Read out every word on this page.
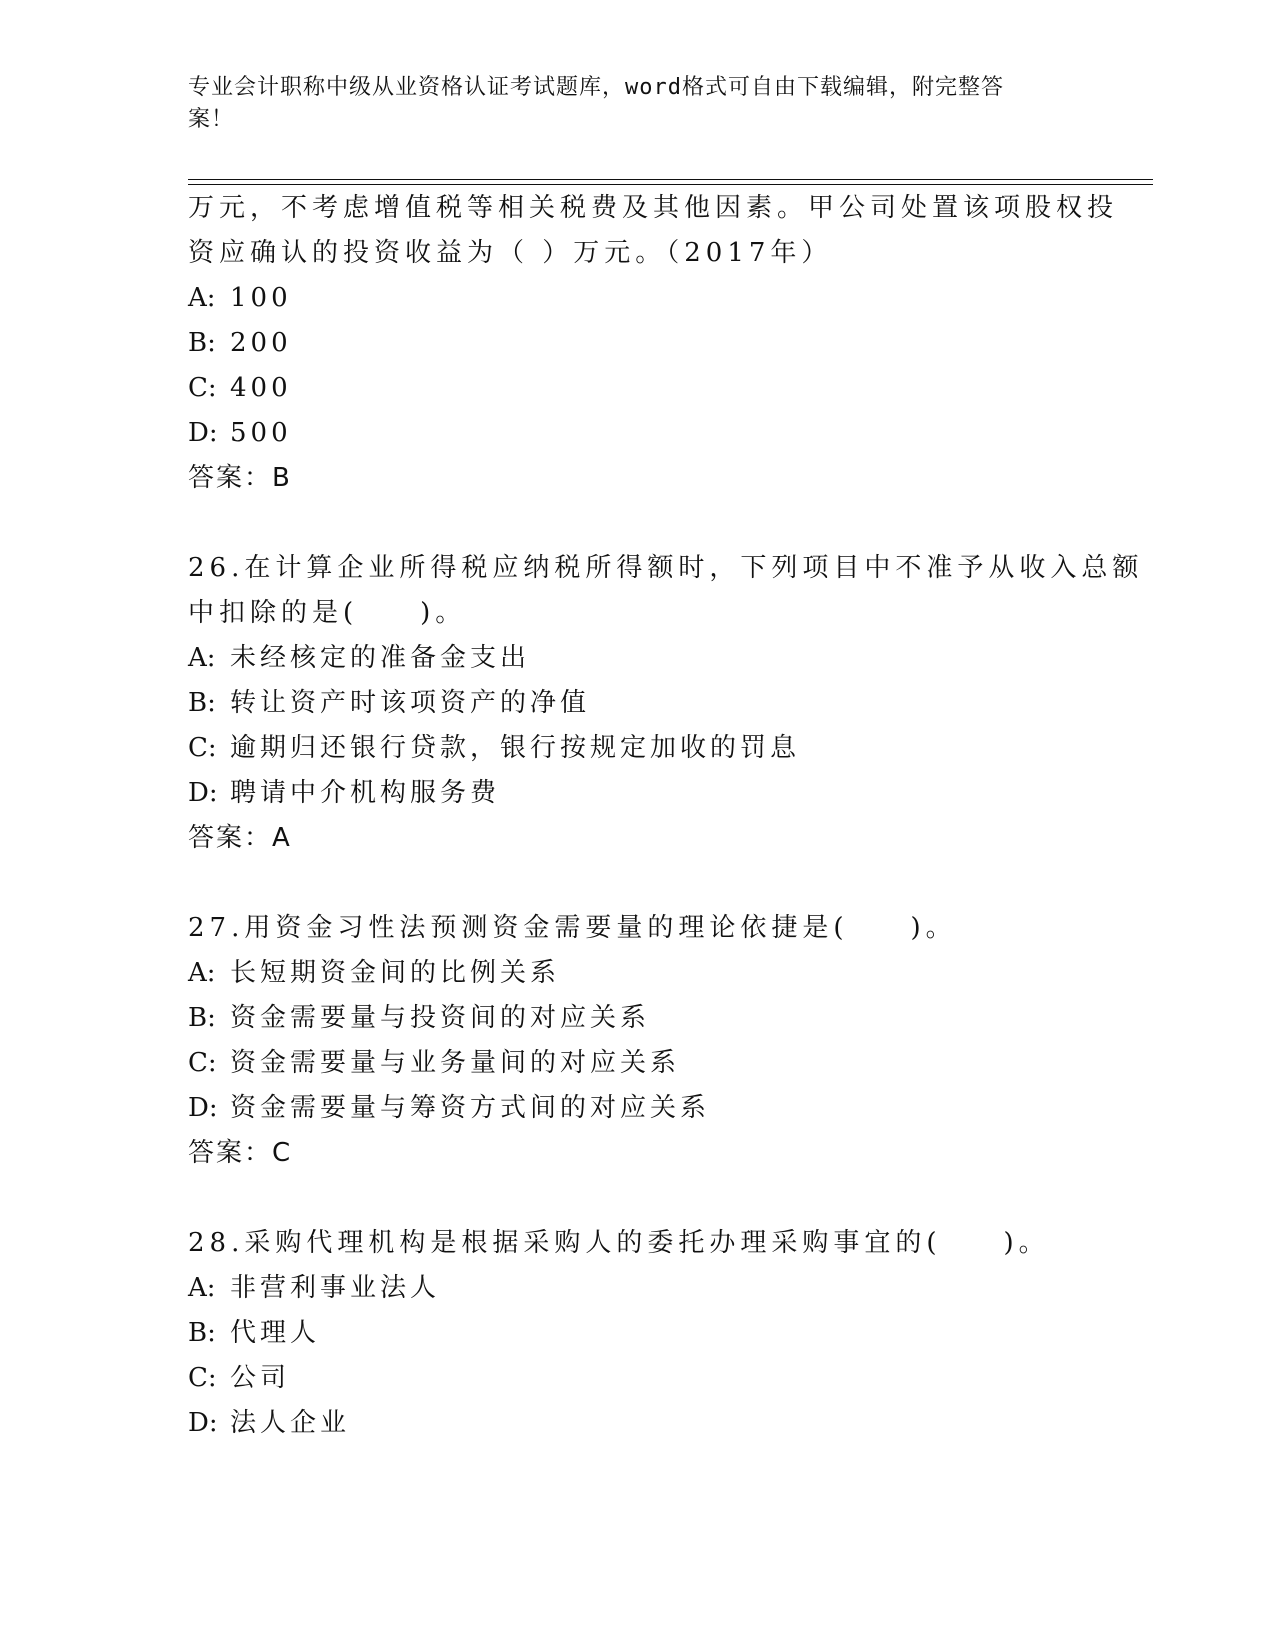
专业会计职称中级从业资格认证考试题库，word格式可自由下载编辑，附完整答
案！
万元，不考虑增值税等相关税费及其他因素。甲公司处置该项股权投
资应确认的投资收益为（ ）万元。（2017年）
A: 100
B: 200
C: 400
D: 500
答案：B
26.在计算企业所得税应纳税所得额时，下列项目中不准予从收入总额
中扣除的是(　　)。
A: 未经核定的准备金支出
B: 转让资产时该项资产的净值
C: 逾期归还银行贷款，银行按规定加收的罚息
D: 聘请中介机构服务费
答案：A
27.用资金习性法预测资金需要量的理论依捷是(　　)。
A: 长短期资金间的比例关系
B: 资金需要量与投资间的对应关系
C: 资金需要量与业务量间的对应关系
D: 资金需要量与筹资方式间的对应关系
答案：C
28.采购代理机构是根据采购人的委托办理采购事宜的(　　)。
A: 非营利事业法人
B: 代理人
C: 公司
D: 法人企业
